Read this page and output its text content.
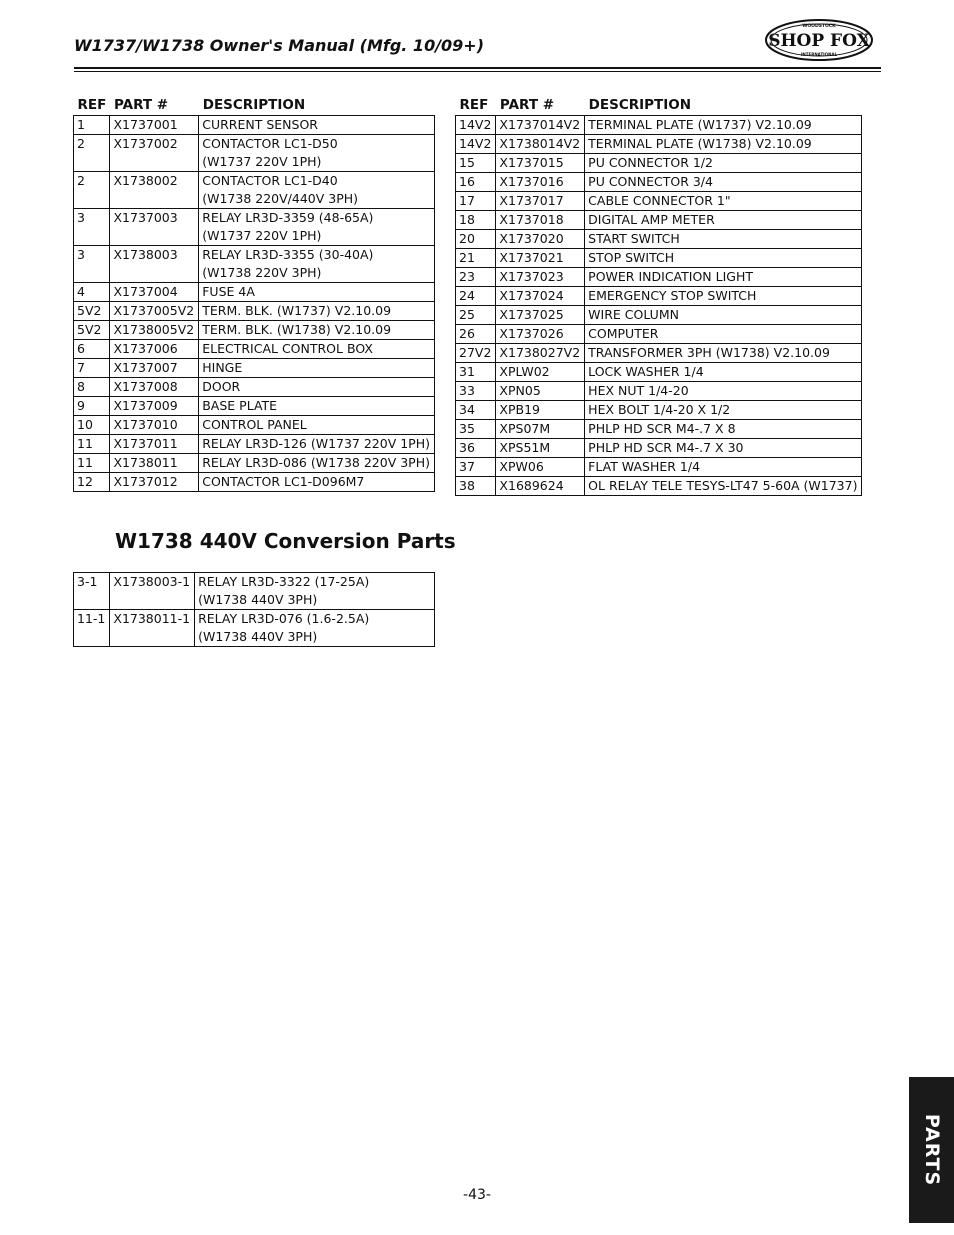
W1737/W1738 Owner's Manual (Mfg. 10/09+)
WOODSTOCK
SHOP FOX
INTERNATIONAL
REF	PART #	DESCRIPTION
1	X1737001	CURRENT SENSOR

2	X1737002	CONTACTOR LC1-D50
(W1737 220V 1PH)

2	X1738002	CONTACTOR LC1-D40
(W1738 220V/440V 3PH)

3	X1737003	RELAY LR3D-3359 (48-65A)
(W1737 220V 1PH)

3	X1738003	RELAY LR3D-3355 (30-40A)
(W1738 220V 3PH)

4	X1737004	FUSE 4A

5V2	X1737005V2	TERM. BLK. (W1737) V2.10.09

5V2	X1738005V2	TERM. BLK. (W1738) V2.10.09

6	X1737006	ELECTRICAL CONTROL BOX

7	X1737007	HINGE

8	X1737008	DOOR

9	X1737009	BASE PLATE

10	X1737010	CONTROL PANEL

11	X1737011	RELAY LR3D-126 (W1737 220V 1PH)

11	X1738011	RELAY LR3D-086 (W1738 220V 3PH)

12	X1737012	CONTACTOR LC1-D096M7
REF	PART #	DESCRIPTION
14V2	X1737014V2	TERMINAL PLATE (W1737) V2.10.09

14V2	X1738014V2	TERMINAL PLATE (W1738) V2.10.09

15	X1737015	PU CONNECTOR 1/2

16	X1737016	PU CONNECTOR 3/4

17	X1737017	CABLE CONNECTOR 1"

18	X1737018	DIGITAL AMP METER

20	X1737020	START SWITCH

21	X1737021	STOP SWITCH

23	X1737023	POWER INDICATION LIGHT

24	X1737024	EMERGENCY STOP SWITCH

25	X1737025	WIRE COLUMN

26	X1737026	COMPUTER

27V2	X1738027V2	TRANSFORMER 3PH (W1738) V2.10.09

31	XPLW02	LOCK WASHER 1/4

33	XPN05	HEX NUT 1/4-20

34	XPB19	HEX BOLT 1/4-20 X 1/2

35	XPS07M	PHLP HD SCR M4-.7 X 8

36	XPS51M	PHLP HD SCR M4-.7 X 30

37	XPW06	FLAT WASHER 1/4

38	X1689624	OL RELAY TELE TESYS-LT47 5-60A (W1737)
W1738 440V Conversion Parts
3-1	X1738003-1	RELAY LR3D-3322 (17-25A)
(W1738 440V 3PH)

11-1	X1738011-1	RELAY LR3D-076 (1.6-2.5A)
(W1738 440V 3PH)
PARTS
-43-
